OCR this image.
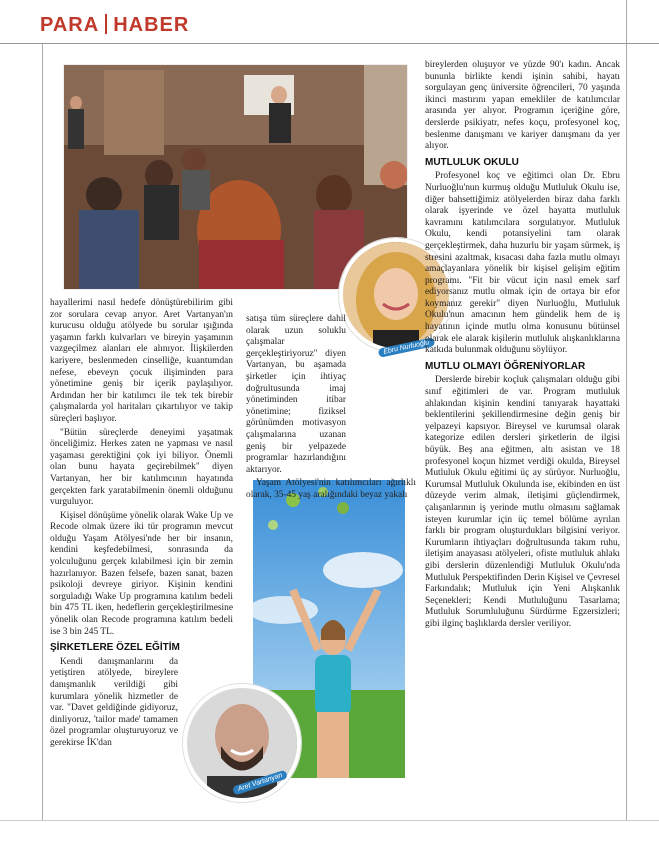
PARA HABER
Ebru Nurluoğlu
Aret Vartanyan

hayallerimi nasıl hedefe dönüştürebilirim gibi zor sorulara cevap arıyor. Aret Vartanyan'ın kurucusu olduğu atölyede bu sorular ışığında yaşamın farklı kulvarları ve bireyin yaşamının vazgeçilmez alanları ele alınıyor. İlişkilerden kariyere, beslenmeden cinselliğe, kuantumdan nefese, ebeveyn çocuk ilişiminden para yönetimine geniş bir içerik paylaşılıyor. Ardından her bir katılımcı ile tek tek birebir çalışmalarda yol haritaları çıkartılıyor ve takip süreçleri başlıyor.

"Bütün süreçlerde deneyimi yaşatmak önceliğimiz. Herkes zaten ne yapması ve nasıl yaşaması gerektiğini çok iyi biliyor. Önemli olan bunu hayata geçirebilmek" diyen Vartanyan, her bir katılımcının hayatında gerçekten fark yaratabilmenin önemli olduğunu vurguluyor.

Kişisel dönüşüme yönelik olarak Wake Up ve Recode olmak üzere iki tür programın mevcut olduğu Yaşam Atölyesi'nde her bir insanın, kendini keşfedebilmesi, sonrasında da yolculuğunu gerçek kılabilmesi için bir zemin hazırlanıyor. Bazen felsefe, bazen sanat, bazen psikoloji devreye giriyor. Kişinin kendini sorguladığı Wake Up programına katılım bedeli bin 475 TL iken, hedeflerin gerçekleştirilmesine yönelik olan Recode programına katılım bedeli ise 3 bin 245 TL.

ŞİRKETLERE ÖZEL EĞİTİM

Kendi danışmanlarını da yetiştiren atölyede, bireylere danışmanlık verildiği gibi kurumlara yönelik hizmetler de var. "Davet geldiğinde gidiyoruz, dinliyoruz, 'tailor made' tamamen özel programlar oluşturuyoruz ve gerekirse İK'dan

satışa tüm süreçlere dahil olarak uzun soluklu çalışmalar gerçekleştiriyoruz" diyen Vartanyan, bu aşamada şirketler için ihtiyaç doğrultusunda imaj yönetiminden itibar yönetimine; fiziksel görünümden motivasyon çalışmalarına uzanan geniş bir yelpazede programlar hazırlandığını aktarıyor.

Yaşam Atölyesi'nin katılımcıları ağırlıklı olarak, 35-45 yaş aralığındaki beyaz yakalı

bireylerden oluşuyor ve yüzde 90'ı kadın. Ancak bununla birlikte kendi işinin sahibi, hayatı sorgulayan genç üniversite öğrencileri, 70 yaşında ikinci mastırını yapan emekliler de katılımcılar arasında yer alıyor. Programın içeriğine göre, derslerde psikiyatr, nefes koçu, profesyonel koç, beslenme danışmanı ve kariyer danışmanı da yer alıyor.

MUTLULUK OKULU

Profesyonel koç ve eğitimci olan Dr. Ebru Nurluoğlu'nun kurmuş olduğu Mutluluk Okulu ise, diğer bahsettiğimiz atölyelerden biraz daha farklı olarak işyerinde ve özel hayatta mutluluk kavramını katılımcılara sorgulatıyor. Mutluluk Okulu, kendi potansiyelini tam olarak gerçekleştirmek, daha huzurlu bir yaşam sürmek, iş stresini azaltmak, kısacası daha fazla mutlu olmayı amaçlayanlara yönelik bir kişisel gelişim eğitim programı. "Fit bir vücut için nasıl emek sarf ediyorsanız mutlu olmak için de ortaya bir efor koymanız gerekir" diyen Nurluoğlu, Mutluluk Okulu'nun amacının hem gündelik hem de iş hayatının içinde mutlu olma konusunu bütünsel olarak ele alarak kişilerin mutluluk alışkanlıklarına katkıda bulunmak olduğunu söylüyor.

MUTLU OLMAYI ÖĞRENİYORLAR

Derslerde birebir koçluk çalışmaları olduğu gibi sınıf eğitimleri de var. Program mutluluk ahlakından kişinin kendini tanıyarak hayattaki beklentilerini şekillendirmesine değin geniş bir yelpazeyi kapsıyor. Bireysel ve kurumsal olarak kategorize edilen dersleri şirketlerin de ilgisi büyük. Beş ana eğitmen, altı asistan ve 18 profesyonel koçun hizmet verdiği okulda, Bireysel Mutluluk Okulu eğitimi üç ay sürüyor. Nurluoğlu, Kurumsal Mutluluk Okulunda ise, ekibinden en üst düzeyde verim almak, iletişimi güçlendirmek, çalışanlarının iş yerinde mutlu olmasını sağlamak isteyen kurumlar için üç temel bölüme ayrılan farklı bir program oluşturdukları bilgisini veriyor. Kurumların ihtiyaçları doğrultusunda takım ruhu, iletişim anayasası atölyeleri, ofiste mutluluk ahlakı gibi derslerin düzenlendiği Mutluluk Okulu'nda Mutluluk Perspektifinden Derin Kişisel ve Çevresel Farkındalık; Mutluluk için Yeni Alışkanlık Seçenekleri; Kendi Mutluluğunu Tasarlama; Mutluluk Sorumluluğunu Sürdürme Egzersizleri; gibi ilginç başlıklarda dersler veriliyor.
